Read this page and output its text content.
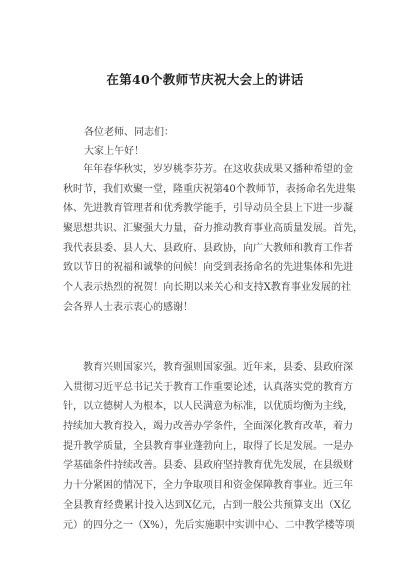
在第40个教师节庆祝大会上的讲话
各位老师、同志们：
大家上午好！
年年春华秋实，岁岁桃李芬芳。在这收获成果又播种希望的金
秋时节，我们欢聚一堂，隆重庆祝第40个教师节，表扬命名先进集
体、先进教育管理者和优秀教学能手，引导动员全县上下进一步凝
聚思想共识、汇聚强大力量，奋力推动教育事业高质量发展。首先，
我代表县委、县人大、县政府、县政协，向广大教师和教育工作者
致以节日的祝福和诚挚的问候！向受到表扬命名的先进集体和先进
个人表示热烈的祝贺！向长期以来关心和支持X教育事业发展的社
会各界人士表示衷心的感谢！
教育兴则国家兴，教育强则国家强。近年来，县委、县政府深
入贯彻习近平总书记关于教育工作重要论述，认真落实党的教育方
针，以立德树人为根本，以人民满意为标准，以优质均衡为主线，
持续加大教育投入，竭力改善办学条件，全面深化教育改革，着力
提升教学质量，全县教育事业蓬勃向上，取得了长足发展。一是办
学基础条件持续改善。县委、县政府坚持教育优先发展，在县级财
力十分紧困的情况下，全力争取项目和资金保障教育事业。近三年
全县教育经费累计投入达到X亿元，占到一般公共预算支出（X亿
元）的四分之一（X%），先后实施职中实训中心、二中教学楼等项
